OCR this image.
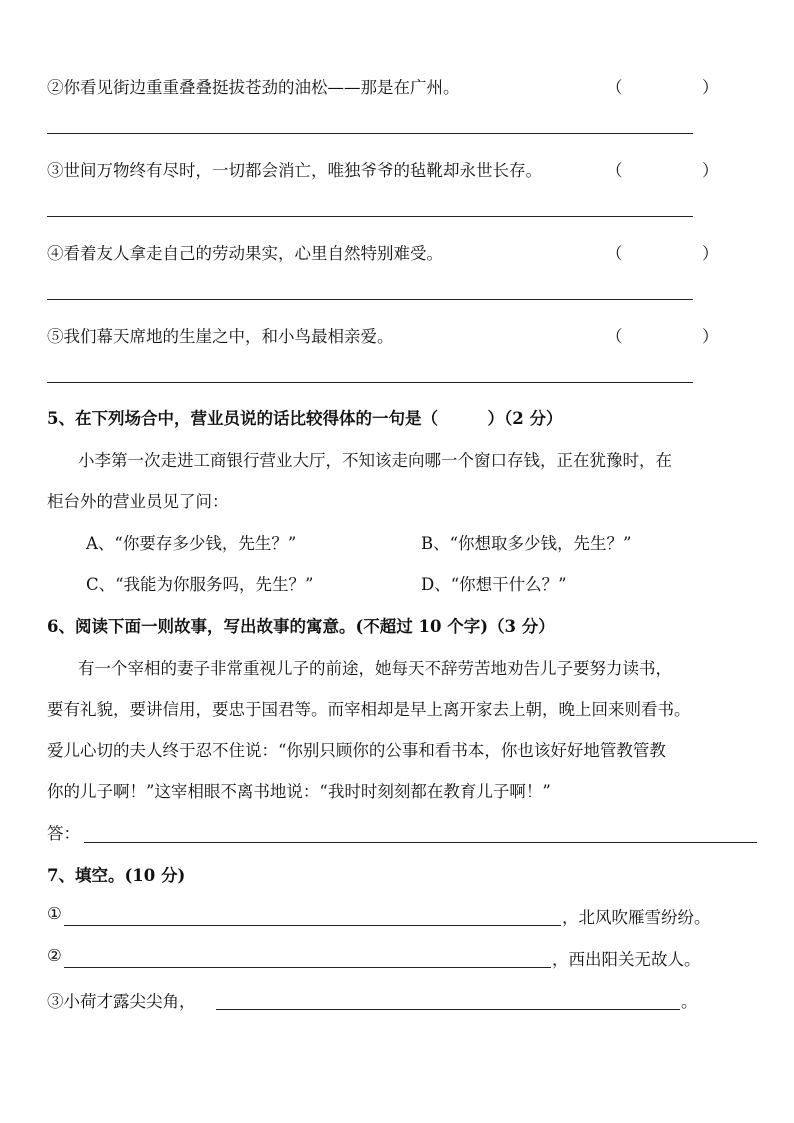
②你看见街边重重叠叠挺拔苍劲的油松——那是在广州。	（	）
③世间万物终有尽时，一切都会消亡，唯独爷爷的毡靴却永世长存。	（	）
④看着友人拿走自己的劳动果实，心里自然特别难受。	（	）
⑤我们幕天席地的生崖之中，和小鸟最相亲爱。	（	）
5、在下列场合中，营业员说的话比较得体的一句是（　　　）（2 分）
小李第一次走进工商银行营业大厅，不知该走向哪一个窗口存钱，正在犹豫时，在
柜台外的营业员见了问：
A、“你要存多少钱，先生？”	B、“你想取多少钱，先生？”
C、“我能为你服务吗，先生？”	D、“你想干什么？”
6、阅读下面一则故事，写出故事的寓意。(不超过 10 个字)（3 分）
有一个宰相的妻子非常重视儿子的前途，她每天不辞劳苦地劝告儿子要努力读书，
要有礼貌，要讲信用，要忠于国君等。而宰相却是早上离开家去上朝，晚上回来则看书。
爱儿心切的夫人终于忍不住说：“你别只顾你的公事和看书本，你也该好好地管教管教
你的儿子啊！”这宰相眼不离书地说：“我时时刻刻都在教育儿子啊！”
答：
7、填空。(10 分)
①	，北风吹雁雪纷纷。
②	，西出阳关无故人。
③小荷才露尖尖角，	。
